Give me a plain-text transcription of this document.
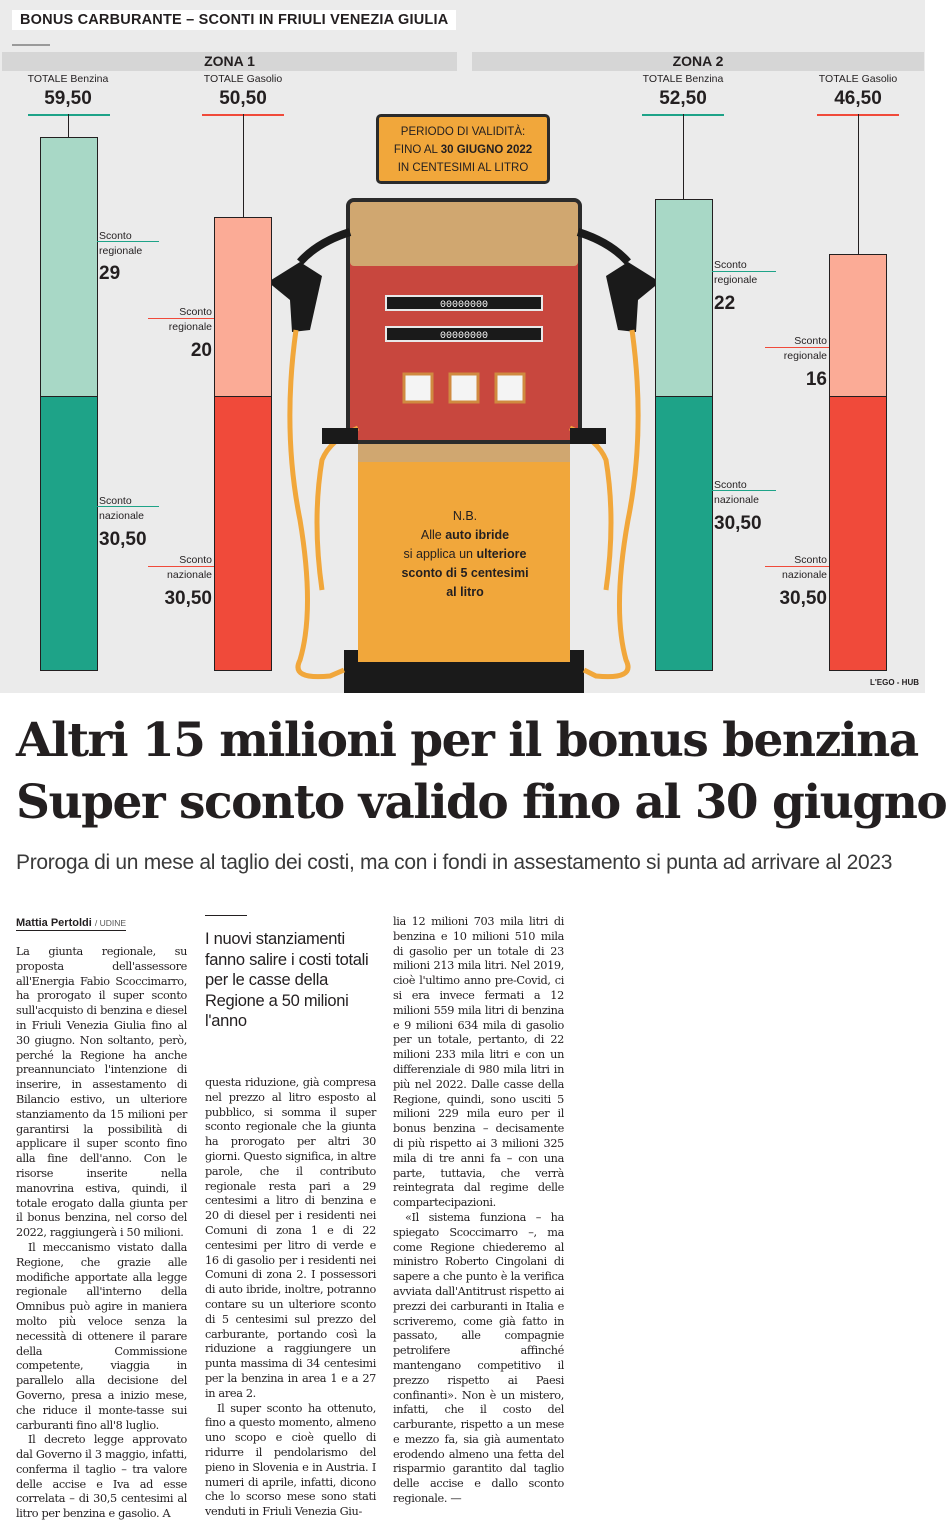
BONUS CARBURANTE – SCONTI IN FRIULI VENEZIA GIULIA
ZONA 1	ZONA 2
00000000
00000000
PERIODO DI VALIDITÀ:
FINO AL 30 GIUGNO 2022
IN CENTESIMI AL LITRO
N.B.
Alle auto ibride
si applica un ulteriore
sconto di 5 centesimi
al litro
TOTALE Benzina
59,50
Sconto
regionale
29
Sconto
nazionale
30,50
TOTALE Gasolio
50,50
Sconto
regionale
20
Sconto
nazionale
30,50
TOTALE Benzina
52,50
Sconto
regionale
22
Sconto
nazionale
30,50
TOTALE Gasolio
46,50
Sconto
regionale
16
Sconto
nazionale
30,50
L'EGO - HUB
Altri 15 milioni per il bonus benzina
Super sconto valido fino al 30 giugno
Proroga di un mese al taglio dei costi, ma con i fondi in assestamento si punta ad arrivare al 2023
Mattia Pertoldi / UDINE
I nuovi stanziamenti fanno salire i costi totali per le casse della Regione a 50 milioni l'anno

La giunta regionale, su proposta dell'assessore all'Energia Fabio Scoccimarro, ha prorogato il super sconto sull'acquisto di benzina e diesel in Friuli Venezia Giulia fino al 30 giugno. Non soltanto, però, perché la Regione ha anche preannunciato l'intenzione di inserire, in assestamento di Bilancio estivo, un ulteriore stanziamento da 15 milioni per garantirsi la possibilità di applicare il super sconto fino alla fine dell'anno. Con le risorse inserite nella manovrina estiva, quindi, il totale erogato dalla giunta per il bonus benzina, nel corso del 2022, raggiungerà i 50 milioni.

Il meccanismo vistato dalla Regione, che grazie alle modifiche apportate alla legge regionale all'interno della Omnibus può agire in maniera molto più veloce senza la necessità di ottenere il parare della Commissione competente, viaggia in parallelo alla decisione del Governo, presa a inizio mese, che riduce il monte-tasse sui carburanti fino all'8 luglio.

Il decreto legge approvato dal Governo il 3 maggio, infatti, conferma il taglio – tra valore delle accise e Iva ad esse correlata – di 30,5 centesimi al litro per benzina e gasolio. A

questa riduzione, già compresa nel prezzo al litro esposto al pubblico, si somma il super sconto regionale che la giunta ha prorogato per altri 30 giorni. Questo significa, in altre parole, che il contributo regionale resta pari a 29 centesimi a litro di benzina e 20 di diesel per i residenti nei Comuni di zona 1 e di 22 centesimi per litro di verde e 16 di gasolio per i residenti nei Comuni di zona 2. I possessori di auto ibride, inoltre, potranno contare su un ulteriore sconto di 5 centesimi sul prezzo del carburante, portando così la riduzione a raggiungere un punta massima di 34 centesimi per la benzina in area 1 e a 27 in area 2.

Il super sconto ha ottenuto, fino a questo momento, almeno uno scopo e cioè quello di ridurre il pendolarismo del pieno in Slovenia e in Austria. I numeri di aprile, infatti, dicono che lo scorso mese sono stati venduti in Friuli Venezia Giu-

lia 12 milioni 703 mila litri di benzina e 10 milioni 510 mila di gasolio per un totale di 23 milioni 213 mila litri. Nel 2019, cioè l'ultimo anno pre-Covid, ci si era invece fermati a 12 milioni 559 mila litri di benzina e 9 milioni 634 mila di gasolio per un totale, pertanto, di 22 milioni 233 mila litri e con un differenziale di 980 mila litri in più nel 2022. Dalle casse della Regione, quindi, sono usciti 5 milioni 229 mila euro per il bonus benzina – decisamente di più rispetto ai 3 milioni 325 mila di tre anni fa – con una parte, tuttavia, che verrà reintegrata dal regime delle compartecipazioni.

«Il sistema funziona – ha spiegato Scoccimarro –, ma come Regione chiederemo al ministro Roberto Cingolani di sapere a che punto è la verifica avviata dall'Antitrust rispetto ai prezzi dei carburanti in Italia e scriveremo, come già fatto in passato, alle compagnie petrolifere affinché mantengano competitivo il prezzo rispetto ai Paesi confinanti». Non è un mistero, infatti, che il costo del carburante, rispetto a un mese e mezzo fa, sia già aumentato erodendo almeno una fetta del risparmio garantito dal taglio delle accise e dallo sconto regionale. —
